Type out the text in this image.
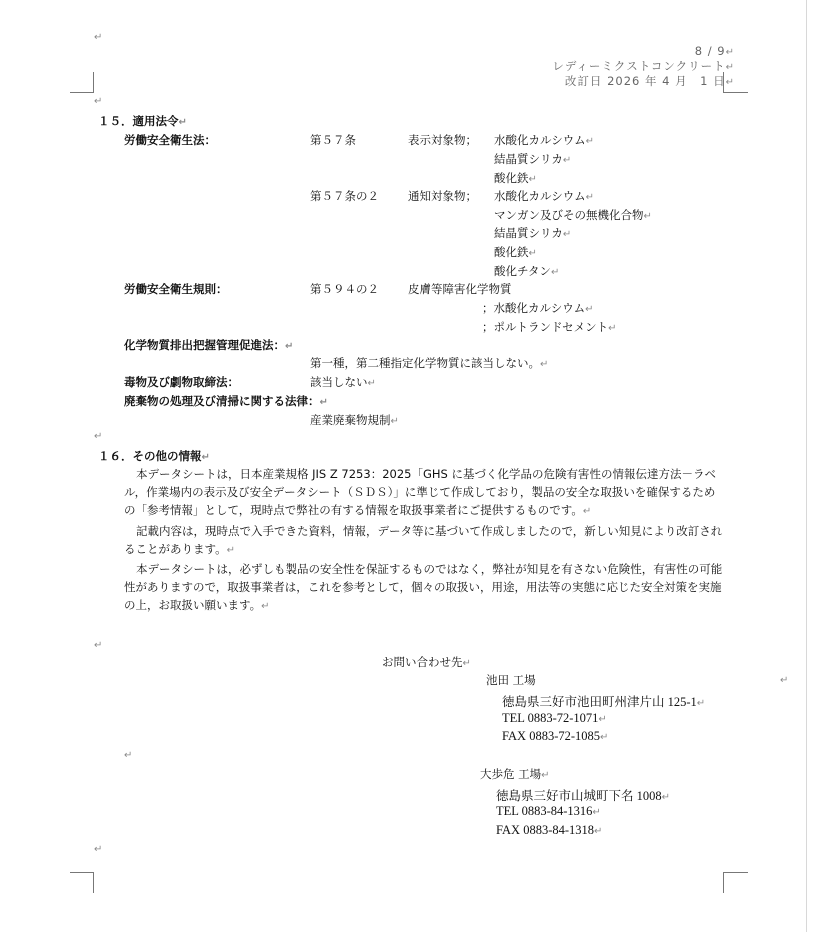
↵
8 / 9↵
レディーミクストコンクリート↵
改訂日 2026 年 4 月　1 日↵
↵
１５．適用法令↵
労働安全衛生法：	第５７条	表示対象物； 水酸化カルシウム↵
結晶質シリカ↵
酸化鉄↵
第５７条の２	通知対象物； 水酸化カルシウム↵
マンガン及びその無機化合物↵
結晶質シリカ↵
酸化鉄↵
酸化チタン↵
労働安全衛生規則：	第５９４の２	皮膚等障害化学物質
；水酸化カルシウム↵
；ポルトランドセメント↵
化学物質排出把握管理促進法：↵
第一種，第二種指定化学物質に該当しない。↵
毒物及び劇物取締法：	該当しない↵
廃棄物の処理及び清掃に関する法律：↵
産業廃棄物規制↵
↵
１６．その他の情報↵

本データシートは，日本産業規格 JIS Z 7253：2025「GHS に基づく化学品の危険有害性の情報伝達方法－ラベル，作業場内の表示及び安全データシート（ＳＤＳ）」に準じて作成しており，製品の安全な取扱いを確保するための「参考情報」として，現時点で弊社の有する情報を取扱事業者にご提供するものです。↵

記載内容は，現時点で入手できた資料，情報，データ等に基づいて作成しましたので，新しい知見により改訂されることがあります。↵

本データシートは，必ずしも製品の安全性を保証するものではなく，弊社が知見を有さない危険性，有害性の可能性がありますので，取扱事業者は，これを参考として，個々の取扱い，用途，用法等の実態に応じた安全対策を実施の上，お取扱い願います。↵

↵
お問い合わせ先↵
池田 工場	↵
徳島県三好市池田町州津片山 125-1↵
TEL 0883-72-1071↵
FAX 0883-72-1085↵
↵
大歩危 工場↵
徳島県三好市山城町下名 1008↵
TEL 0883-84-1316↵
FAX 0883-84-1318↵
↵
